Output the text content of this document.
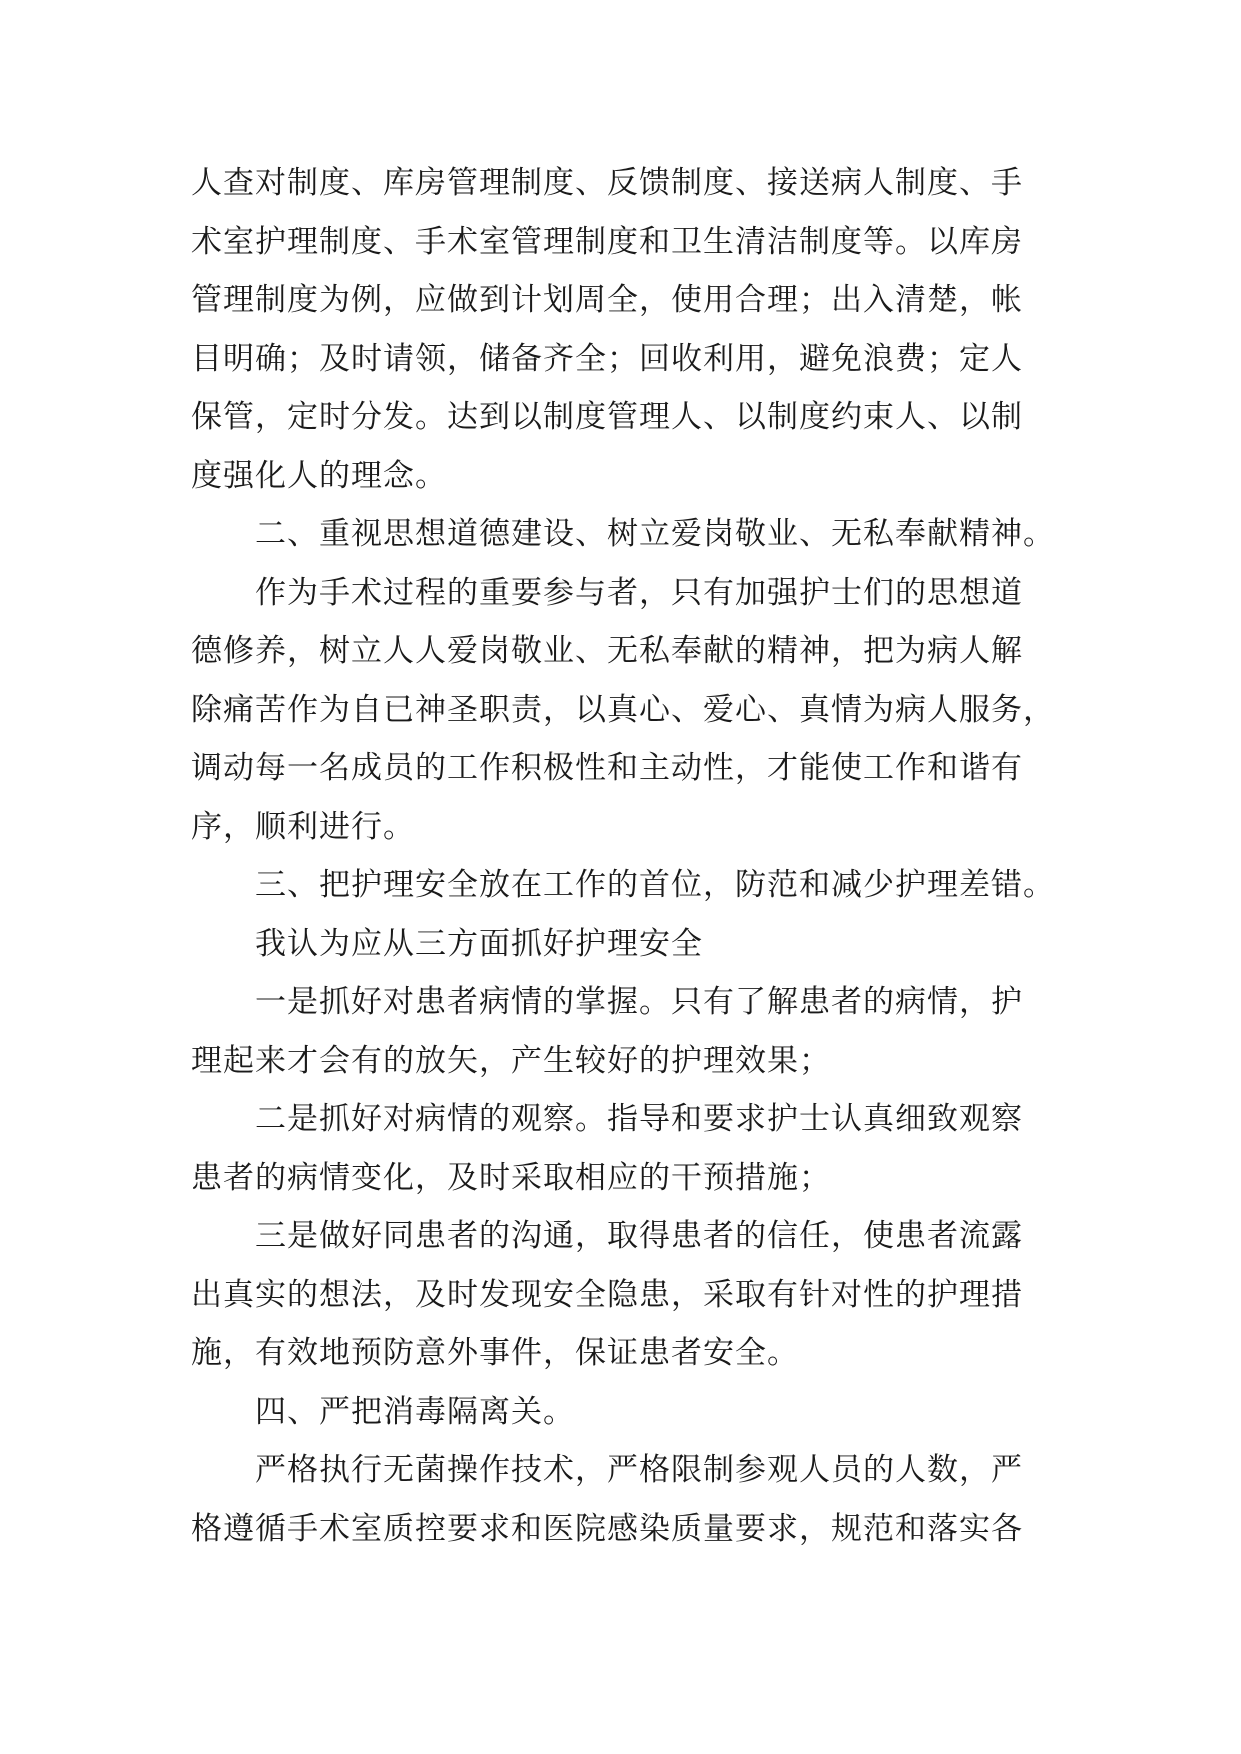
人查对制度、库房管理制度、反馈制度、接送病人制度、手
术室护理制度、手术室管理制度和卫生清洁制度等。以库房
管理制度为例，应做到计划周全，使用合理；出入清楚，帐
目明确；及时请领，储备齐全；回收利用，避免浪费；定人
保管，定时分发。达到以制度管理人、以制度约束人、以制
度强化人的理念。
二、重视思想道德建设、树立爱岗敬业、无私奉献精神。
作为手术过程的重要参与者，只有加强护士们的思想道
德修养，树立人人爱岗敬业、无私奉献的精神，把为病人解
除痛苦作为自已神圣职责，以真心、爱心、真情为病人服务，
调动每一名成员的工作积极性和主动性，才能使工作和谐有
序，顺利进行。
三、把护理安全放在工作的首位，防范和减少护理差错。
我认为应从三方面抓好护理安全
一是抓好对患者病情的掌握。只有了解患者的病情，护
理起来才会有的放矢，产生较好的护理效果；
二是抓好对病情的观察。指导和要求护士认真细致观察
患者的病情变化，及时采取相应的干预措施；
三是做好同患者的沟通，取得患者的信任，使患者流露
出真实的想法，及时发现安全隐患，采取有针对性的护理措
施，有效地预防意外事件，保证患者安全。
四、严把消毒隔离关。
严格执行无菌操作技术，严格限制参观人员的人数，严
格遵循手术室质控要求和医院感染质量要求，规范和落实各
